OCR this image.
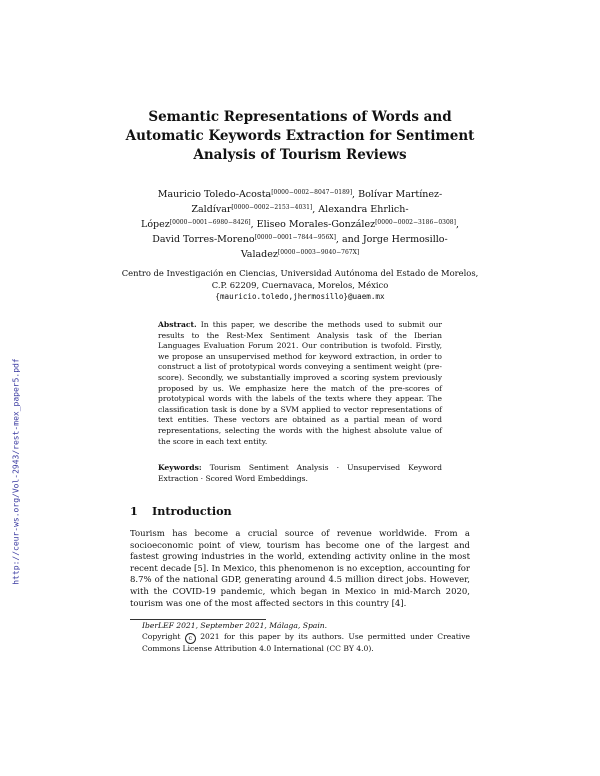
http://ceur-ws.org/Vol-2943/rest-mex_paper5.pdf
Semantic Representations of Words and
Automatic Keywords Extraction for Sentiment
Analysis of Tourism Reviews
Mauricio Toledo-Acosta[0000−0002−8047−0189], Bolívar Martínez-Zaldívar[0000−0002−2153−4031], Alexandra Ehrlich-López[0000−0001−6980−8426], Eliseo Morales-González[0000−0002−3186−0308], David Torres-Moreno[0000−0001−7844−956X], and Jorge Hermosillo-Valadez[0000−0003−9040−767X]
Centro de Investigación en Ciencias, Universidad Autónoma del Estado de Morelos,
C.P. 62209, Cuernavaca, Morelos, México
{mauricio.toledo,jhermosillo}@uaem.mx
Abstract. In this paper, we describe the methods used to submit our results to the Rest-Mex Sentiment Analysis task of the Iberian Languages Evaluation Forum 2021. Our contribution is twofold. Firstly, we propose an unsupervised method for keyword extraction, in order to construct a list of prototypical words conveying a sentiment weight (pre-score). Secondly, we substantially improved a scoring system previously proposed by us. We emphasize here the match of the pre-scores of prototypical words with the labels of the texts where they appear. The classification task is done by a SVM applied to vector representations of text entities. These vectors are obtained as a partial mean of word representations, selecting the words with the highest absolute value of the score in each text entity.
Keywords: Tourism Sentiment Analysis · Unsupervised Keyword Extraction · Scored Word Embeddings.
1 Introduction
Tourism has become a crucial source of revenue worldwide. From a socioeconomic point of view, tourism has become one of the largest and fastest growing industries in the world, extending activity online in the most recent decade [5]. In Mexico, this phenomenon is no exception, accounting for 8.7% of the national GDP, generating around 4.5 million direct jobs. However, with the COVID-19 pandemic, which began in Mexico in mid-March 2020, tourism was one of the most affected sectors in this country [4].
IberLEF 2021, September 2021, Málaga, Spain.
Copyright c 2021 for this paper by its authors. Use permitted under Creative Commons License Attribution 4.0 International (CC BY 4.0).
